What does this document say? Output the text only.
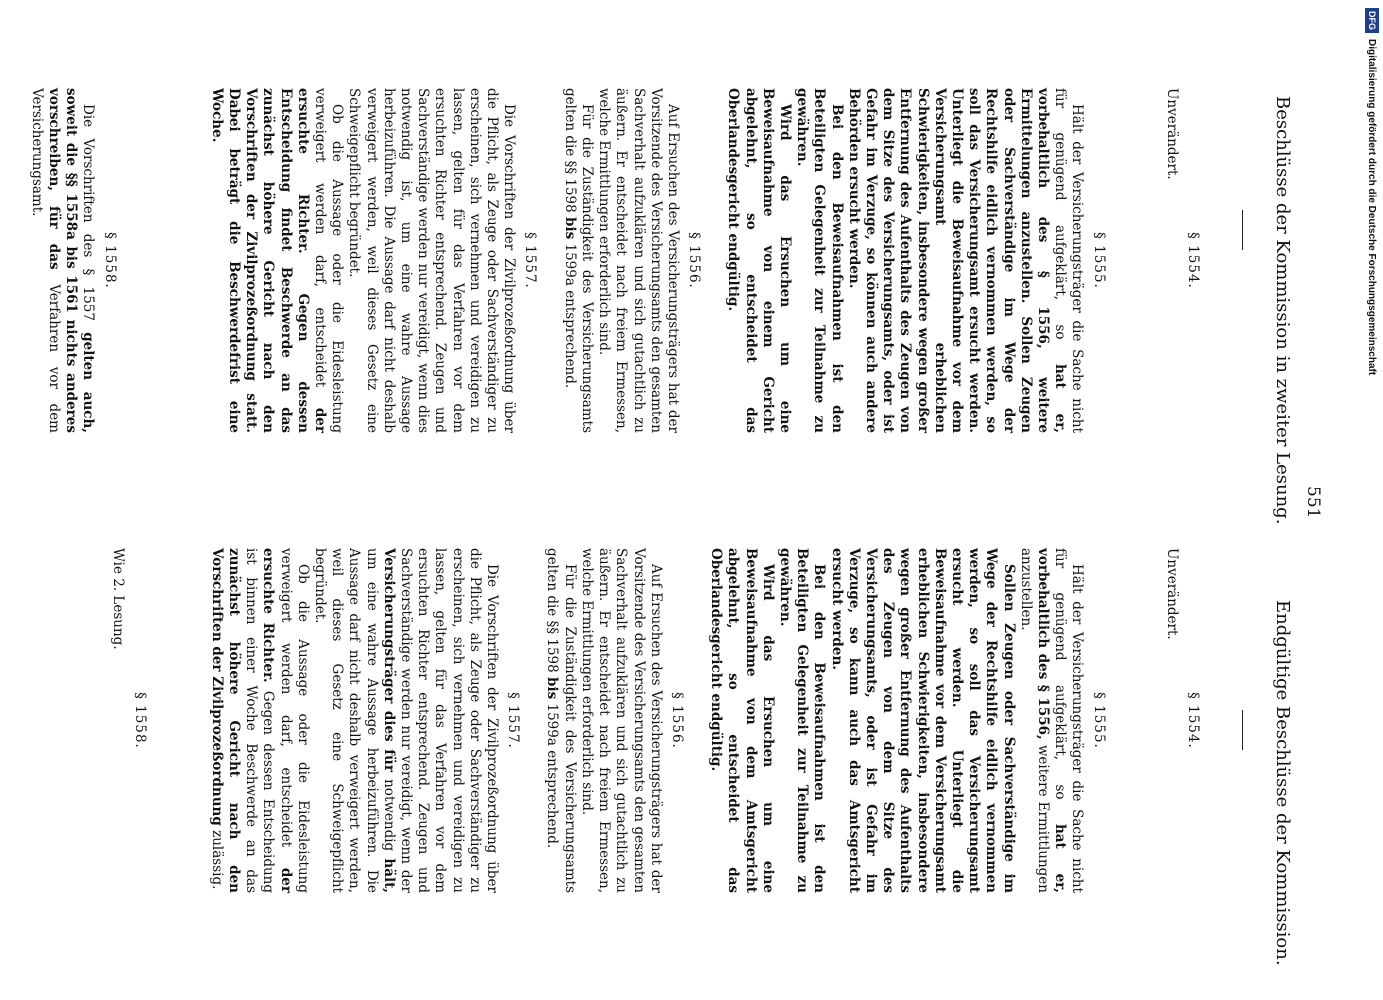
551
Beschlüsse der Kommission in zweiter Lesung.
Endgültige Beschlüsse der Kommission.

§ 1554.

Unverändert.

§ 1555.

Hält der Versicherungsträger die Sache nicht für genügend aufgeklärt, so hat er, vorbehaltlich des § 1556, weitere Ermittelungen anzustellen. Sollen Zeugen oder Sachverständige im Wege der Rechtshilfe eidlich vernommen werden, so soll das Versicherungsamt ersucht werden. Unterliegt die Beweisaufnahme vor dem Versicherungsamt erheblichen Schwierigkeiten, insbesondere wegen großer Entfernung des Aufenthalts des Zeugen von dem Sitze des Versicherungsamts, oder ist Gefahr im Verzuge, so können auch andere Behörden ersucht werden.

Bei den Beweisaufnahmen ist den Beteiligten Gelegenheit zur Teilnahme zu gewähren.

Wird das Ersuchen um eine Beweisaufnahme von einem Gericht abgelehnt, so entscheidet das Oberlandesgericht endgültig.

§ 1556.

Auf Ersuchen des Versicherungsträgers hat der Vorsitzende des Versicherungsamts den gesamten Sachverhalt aufzuklären und sich gutachtlich zu äußern. Er entscheidet nach freiem Ermessen, welche Ermittlungen erforderlich sind.

Für die Zuständigkeit des Versicherungsamts gelten die §§ 1598 bis 1599a entsprechend.

§ 1557.

Die Vorschriften der Zivilprozeßordnung über die Pflicht, als Zeuge oder Sachverständiger zu erscheinen, sich vernehmen und vereidigen zu lassen, gelten für das Verfahren vor dem ersuchten Richter entsprechend. Zeugen und Sachverständige werden nur vereidigt, wenn dies notwendig ist, um eine wahre Aussage herbeizuführen. Die Aussage darf nicht deshalb verweigert werden, weil dieses Gesetz eine Schweigepflicht begründet.

Ob die Aussage oder die Eidesleistung verweigert werden darf, entscheidet der ersuchte Richter. Gegen dessen Entscheidung findet Beschwerde an das zunächst höhere Gericht nach den Vorschriften der Zivilprozeßordnung statt. Dabei beträgt die Beschwerdefrist eine Woche.

§ 1558.

Die Vorschriften des § 1557 gelten auch, soweit die §§ 1558a bis 1561 nichts anderes vorschreiben, für das Verfahren vor dem Versicherungsamt.

§ 1554.

Unverändert.

§ 1555.

Hält der Versicherungsträger die Sache nicht für genügend aufgeklärt, so hat er, vorbehaltlich des § 1556, weitere Ermittlungen anzustellen.

Sollen Zeugen oder Sachverständige im Wege der Rechtshilfe eidlich vernommen werden, so soll das Versicherungsamt ersucht werden. Unterliegt die Beweisaufnahme vor dem Versicherungsamt erheblichen Schwierigkeiten, insbesondere wegen großer Entfernung des Aufenthalts des Zeugen von dem Sitze des Versicherungsamts, oder ist Gefahr im Verzuge, so kann auch das Amtsgericht ersucht werden.

Bei den Beweisaufnahmen ist den Beteiligten Gelegenheit zur Teilnahme zu gewähren.

Wird das Ersuchen um eine Beweisaufnahme von dem Amtsgericht abgelehnt, so entscheidet das Oberlandesgericht endgültig.

§ 1556.

Auf Ersuchen des Versicherungsträgers hat der Vorsitzende des Versicherungsamts den gesamten Sachverhalt aufzuklären und sich gutachtlich zu äußern. Er entscheidet nach freiem Ermessen, welche Ermittlungen erforderlich sind.

Für die Zuständigkeit des Versicherungsamts gelten die §§ 1598 bis 1599a entsprechend.

§ 1557.

Die Vorschriften der Zivilprozeßordnung über die Pflicht, als Zeuge oder Sachverständiger zu erscheinen, sich vernehmen und vereidigen zu lassen, gelten für das Verfahren vor dem ersuchten Richter entsprechend. Zeugen und Sachverständige werden nur vereidigt, wenn der Versicherungsträger dies für notwendig hält, um eine wahre Aussage herbeizuführen. Die Aussage darf nicht deshalb verweigert werden, weil dieses Gesetz eine Schweigepflicht begründet.

Ob die Aussage oder die Eidesleistung verweigert werden darf, entscheidet der ersuchte Richter. Gegen dessen Entscheidung ist binnen einer Woche Beschwerde an das zunächst höhere Gericht nach den Vorschriften der Zivilprozeßordnung zulässig.

§ 1558.

Wie 2. Lesung.

DFGDigitalisierung gefördert durch die Deutsche Forschungsgemeinschaft
